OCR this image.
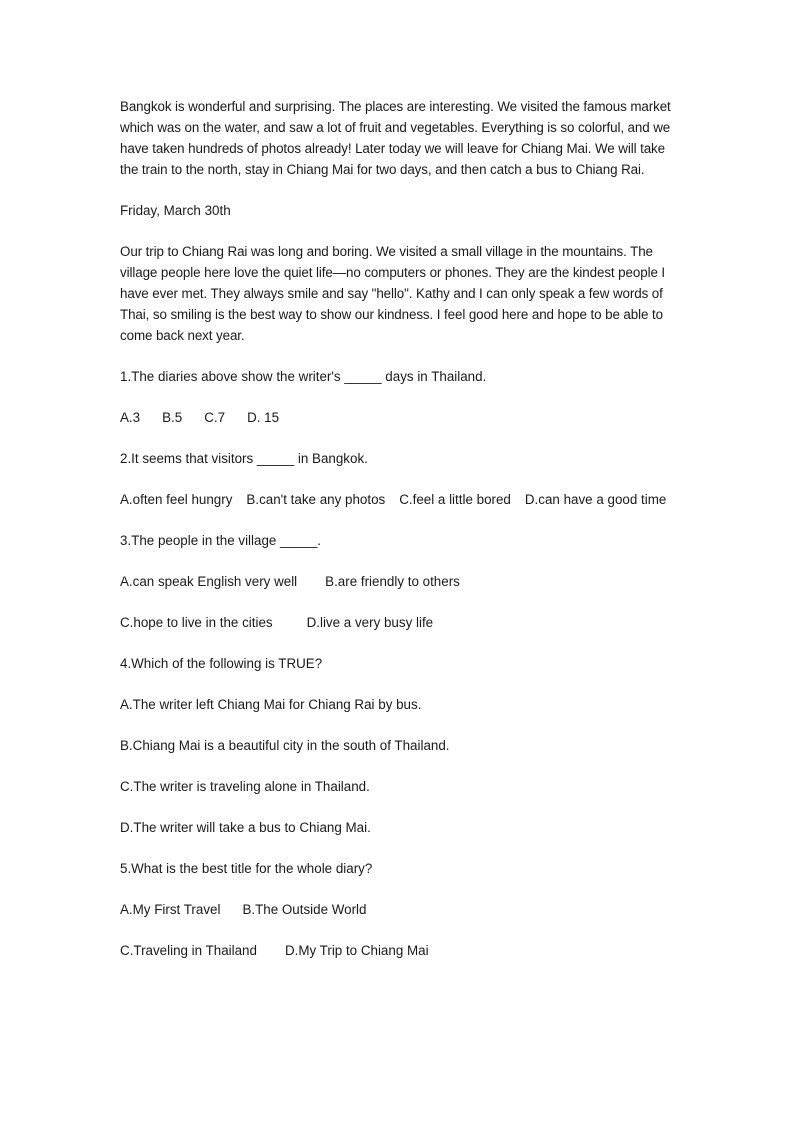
Bangkok is wonderful and surprising. The places are interesting. We visited the famous market which was on the water, and saw a lot of fruit and vegetables. Everything is so colorful, and we have taken hundreds of photos already! Later today we will leave for Chiang Mai. We will take the train to the north, stay in Chiang Mai for two days, and then catch a bus to Chiang Rai.

Friday, March 30th

Our trip to Chiang Rai was long and boring. We visited a small village in the mountains. The village people here love the quiet life—no computers or phones. They are the kindest people I have ever met. They always smile and say "hello". Kathy and I can only speak a few words of Thai, so smiling is the best way to show our kindness. I feel good here and hope to be able to come back next year.

1.The diaries above show the writer's _____ days in Thailand.

A.3 B.5 C.7 D. 15

2.It seems that visitors _____ in Bangkok.

A.often feel hungry B.can't take any photos C.feel a little bored D.can have a good time

3.The people in the village _____.

A.can speak English very well B.are friendly to others

C.hope to live in the cities	D.live a very busy life

4.Which of the following is TRUE?

A.The writer left Chiang Mai for Chiang Rai by bus.

B.Chiang Mai is a beautiful city in the south of Thailand.

C.The writer is traveling alone in Thailand.

D.The writer will take a bus to Chiang Mai.

5.What is the best title for the whole diary?

A.My First Travel B.The Outside World

C.Traveling in Thailand D.My Trip to Chiang Mai
